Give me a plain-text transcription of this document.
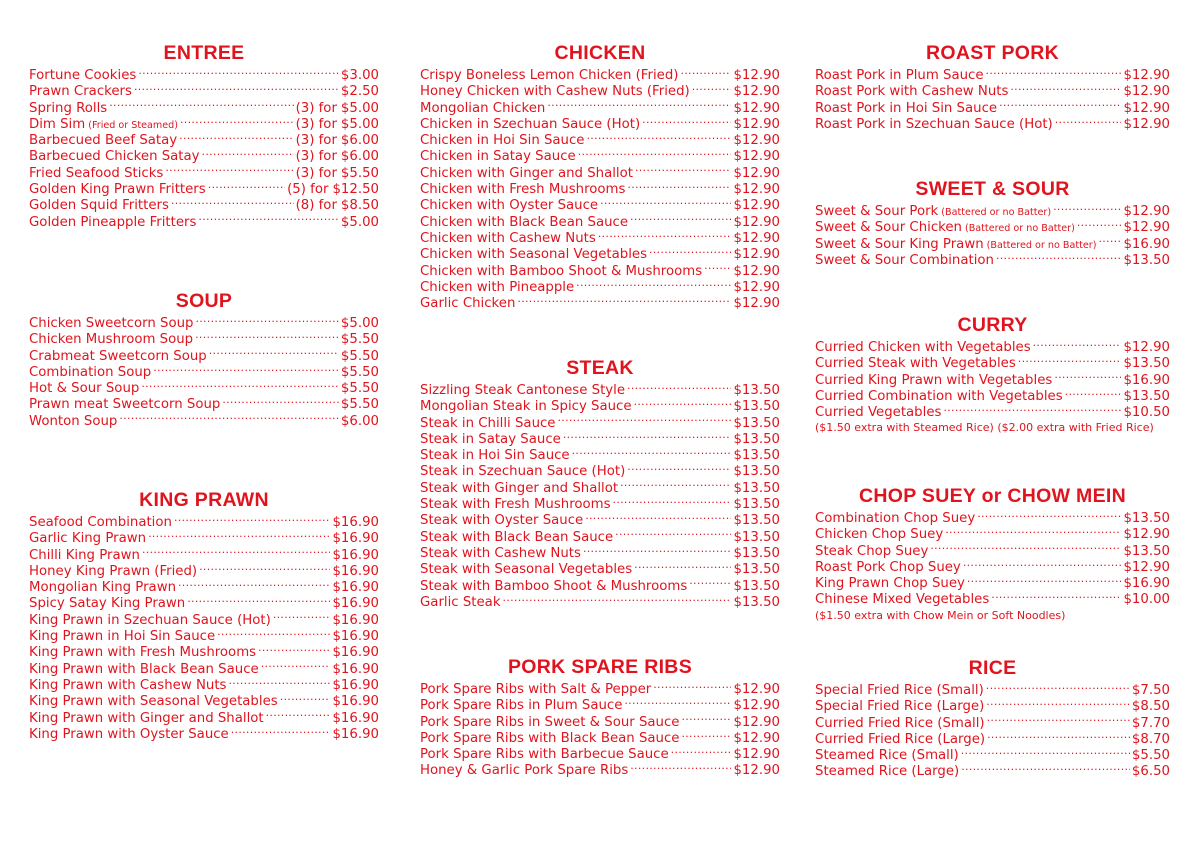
ENTREE
Fortune Cookies .....	$3.00
Prawn Crackers .....	$2.50
Spring Rolls .....	(3) for $5.00
Dim Sim (Fried or Steamed) .....	(3) for $5.00
Barbecued Beef Satay .....	(3) for $6.00
Barbecued Chicken Satay .....	(3) for $6.00
Fried Seafood Sticks .....	(3) for $5.50
Golden King Prawn Fritters .....	(5) for $12.50
Golden Squid Fritters .....	(8) for $8.50
Golden Pineapple Fritters .....	$5.00
SOUP
Chicken Sweetcorn Soup .....	$5.00
Chicken Mushroom Soup .....	$5.50
Crabmeat Sweetcorn Soup .....	$5.50
Combination Soup .....	$5.50
Hot & Sour Soup .....	$5.50
Prawn meat Sweetcorn Soup .....	$5.50
Wonton Soup .....	$6.00
KING PRAWN
Seafood Combination .....	$16.90
Garlic King Prawn .....	$16.90
Chilli King Prawn .....	$16.90
Honey King Prawn (Fried) .....	$16.90
Mongolian King Prawn .....	$16.90
Spicy Satay King Prawn .....	$16.90
King Prawn in Szechuan Sauce (Hot) .....	$16.90
King Prawn in Hoi Sin Sauce .....	$16.90
King Prawn with Fresh Mushrooms .....	$16.90
King Prawn with Black Bean Sauce .....	$16.90
King Prawn with Cashew Nuts .....	$16.90
King Prawn with Seasonal Vegetables .....	$16.90
King Prawn with Ginger and Shallot .....	$16.90
King Prawn with Oyster Sauce .....	$16.90
CHICKEN
Crispy Boneless Lemon Chicken (Fried) .....	$12.90
Honey Chicken with Cashew Nuts (Fried) .....	$12.90
Mongolian Chicken .....	$12.90
Chicken in Szechuan Sauce (Hot) .....	$12.90
Chicken in Hoi Sin Sauce .....	$12.90
Chicken in Satay Sauce .....	$12.90
Chicken with Ginger and Shallot .....	$12.90
Chicken with Fresh Mushrooms .....	$12.90
Chicken with Oyster Sauce .....	$12.90
Chicken with Black Bean Sauce .....	$12.90
Chicken with Cashew Nuts .....	$12.90
Chicken with Seasonal Vegetables .....	$12.90
Chicken with Bamboo Shoot & Mushrooms ..... $12.90
Chicken with Pineapple .....	$12.90
Garlic Chicken .....	$12.90
STEAK
Sizzling Steak Cantonese Style .....	$13.50
Mongolian Steak in Spicy Sauce .....	$13.50
Steak in Chilli Sauce .....	$13.50
Steak in Satay Sauce .....	$13.50
Steak in Hoi Sin Sauce .....	$13.50
Steak in Szechuan Sauce (Hot) .....	$13.50
Steak with Ginger and Shallot .....	$13.50
Steak with Fresh Mushrooms .....	$13.50
Steak with Oyster Sauce .....	$13.50
Steak with Black Bean Sauce .....	$13.50
Steak with Cashew Nuts .....	$13.50
Steak with Seasonal Vegetables .....	$13.50
Steak with Bamboo Shoot & Mushrooms .....	$13.50
Garlic Steak .....	$13.50
PORK SPARE RIBS
Pork Spare Ribs with Salt & Pepper .....	$12.90
Pork Spare Ribs in Plum Sauce .....	$12.90
Pork Spare Ribs in Sweet & Sour Sauce .....	$12.90
Pork Spare Ribs with Black Bean Sauce .....	$12.90
Pork Spare Ribs with Barbecue Sauce .....	$12.90
Honey & Garlic Pork Spare Ribs .....	$12.90
ROAST PORK
Roast Pork in Plum Sauce .....	$12.90
Roast Pork with Cashew Nuts .....	$12.90
Roast Pork in Hoi Sin Sauce .....	$12.90
Roast Pork in Szechuan Sauce (Hot) .....	$12.90
SWEET & SOUR
Sweet & Sour Pork (Battered or no Batter) .....	$12.90
Sweet & Sour Chicken (Battered or no Batter) .....	$12.90
Sweet & Sour King Prawn (Battered or no Batter) ..... $16.90
Sweet & Sour Combination .....	$13.50
CURRY
Curried Chicken with Vegetables .....	$12.90
Curried Steak with Vegetables .....	$13.50
Curried King Prawn with Vegetables .....	$16.90
Curried Combination with Vegetables .....	$13.50
Curried Vegetables .....	$10.50
($1.50 extra with Steamed Rice) ($2.00 extra with Fried Rice)
CHOP SUEY or CHOW MEIN
Combination Chop Suey .....	$13.50
Chicken Chop Suey .....	$12.90
Steak Chop Suey .....	$13.50
Roast Pork Chop Suey .....	$12.90
King Prawn Chop Suey .....	$16.90
Chinese Mixed Vegetables .....	$10.00
($1.50 extra with Chow Mein or Soft Noodles)
RICE
Special Fried Rice (Small) .....	$7.50
Special Fried Rice (Large) .....	$8.50
Curried Fried Rice (Small) .....	$7.70
Curried Fried Rice (Large) .....	$8.70
Steamed Rice (Small) .....	$5.50
Steamed Rice (Large) .....	$6.50
